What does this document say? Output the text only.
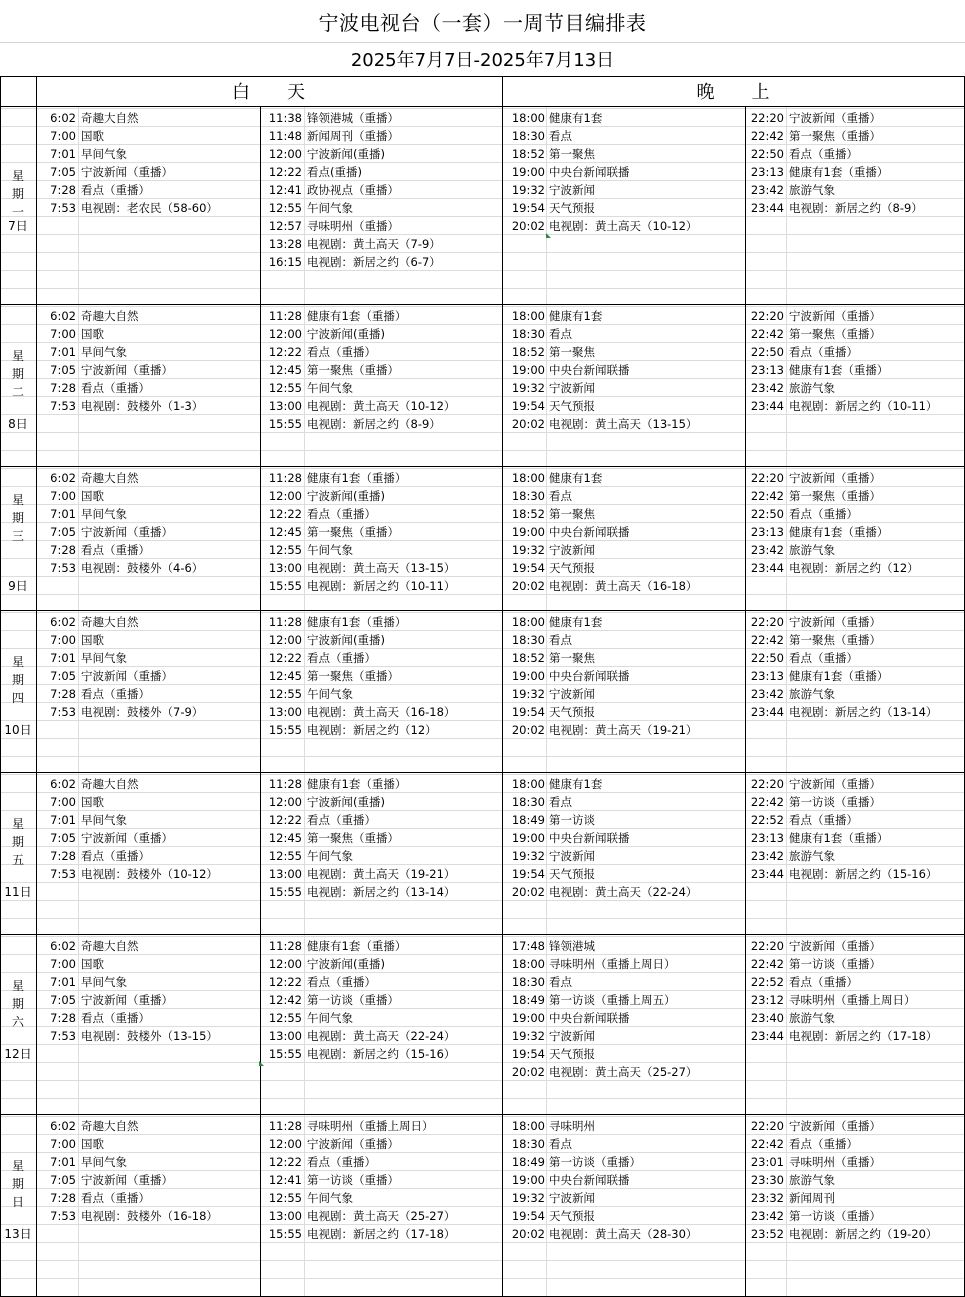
宁波电视台（一套）一周节目编排表
2025年7月7日-2025年7月13日
白 天	晚 上
星
期
一
7日
6:02 奇趣大自然
7:00 国歌
7:01 早间气象
7:05 宁波新闻（重播）
7:28 看点（重播）
7:53 电视剧：老农民（58-60）
11:38 锋领港城（重播）
11:48 新闻周刊（重播）
12:00 宁波新闻(重播)
12:22 看点(重播)
12:41 政协视点（重播）
12:55 午间气象
12:57 寻味明州（重播）
13:28 电视剧：黄土高天（7-9）
16:15 电视剧：新居之约（6-7）
18:00 健康有1套
18:30 看点
18:52 第一聚焦
19:00 中央台新闻联播
19:32 宁波新闻
19:54 天气预报
20:02 电视剧：黄土高天（10-12）
22:20 宁波新闻（重播）
22:42 第一聚焦（重播）
22:50 看点（重播）
23:13 健康有1套（重播）
23:42 旅游气象
23:44 电视剧：新居之约（8-9）
星
期
二
8日
6:02 奇趣大自然
7:00 国歌
7:01 早间气象
7:05 宁波新闻（重播）
7:28 看点（重播）
7:53 电视剧：鼓楼外（1-3）
11:28 健康有1套（重播）
12:00 宁波新闻(重播)
12:22 看点（重播）
12:45 第一聚焦（重播）
12:55 午间气象
13:00 电视剧：黄土高天（10-12）
15:55 电视剧：新居之约（8-9）
18:00 健康有1套
18:30 看点
18:52 第一聚焦
19:00 中央台新闻联播
19:32 宁波新闻
19:54 天气预报
20:02 电视剧：黄土高天（13-15）
22:20 宁波新闻（重播）
22:42 第一聚焦（重播）
22:50 看点（重播）
23:13 健康有1套（重播）
23:42 旅游气象
23:44 电视剧：新居之约（10-11）
星
期
三
9日
6:02 奇趣大自然
7:00 国歌
7:01 早间气象
7:05 宁波新闻（重播）
7:28 看点（重播）
7:53 电视剧：鼓楼外（4-6）
11:28 健康有1套（重播）
12:00 宁波新闻(重播)
12:22 看点（重播）
12:45 第一聚焦（重播）
12:55 午间气象
13:00 电视剧：黄土高天（13-15）
15:55 电视剧：新居之约（10-11）
18:00 健康有1套
18:30 看点
18:52 第一聚焦
19:00 中央台新闻联播
19:32 宁波新闻
19:54 天气预报
20:02 电视剧：黄土高天（16-18）
22:20 宁波新闻（重播）
22:42 第一聚焦（重播）
22:50 看点（重播）
23:13 健康有1套（重播）
23:42 旅游气象
23:44 电视剧：新居之约（12）
星
期
四
10日
6:02 奇趣大自然
7:00 国歌
7:01 早间气象
7:05 宁波新闻（重播）
7:28 看点（重播）
7:53 电视剧：鼓楼外（7-9）
11:28 健康有1套（重播）
12:00 宁波新闻(重播)
12:22 看点（重播）
12:45 第一聚焦（重播）
12:55 午间气象
13:00 电视剧：黄土高天（16-18）
15:55 电视剧：新居之约（12）
18:00 健康有1套
18:30 看点
18:52 第一聚焦
19:00 中央台新闻联播
19:32 宁波新闻
19:54 天气预报
20:02 电视剧：黄土高天（19-21）
22:20 宁波新闻（重播）
22:42 第一聚焦（重播）
22:50 看点（重播）
23:13 健康有1套（重播）
23:42 旅游气象
23:44 电视剧：新居之约（13-14）
星
期
五
11日
6:02 奇趣大自然
7:00 国歌
7:01 早间气象
7:05 宁波新闻（重播）
7:28 看点（重播）
7:53 电视剧：鼓楼外（10-12）
11:28 健康有1套（重播）
12:00 宁波新闻(重播)
12:22 看点（重播）
12:45 第一聚焦（重播）
12:55 午间气象
13:00 电视剧：黄土高天（19-21）
15:55 电视剧：新居之约（13-14）
18:00 健康有1套
18:30 看点
18:49 第一访谈
19:00 中央台新闻联播
19:32 宁波新闻
19:54 天气预报
20:02 电视剧：黄土高天（22-24）
22:20 宁波新闻（重播）
22:42 第一访谈（重播）
22:52 看点（重播）
23:13 健康有1套（重播）
23:42 旅游气象
23:44 电视剧：新居之约（15-16）
星
期
六
12日
6:02 奇趣大自然
7:00 国歌
7:01 早间气象
7:05 宁波新闻（重播）
7:28 看点（重播）
7:53 电视剧：鼓楼外（13-15）
11:28 健康有1套（重播）
12:00 宁波新闻(重播)
12:22 看点（重播）
12:42 第一访谈（重播）
12:55 午间气象
13:00 电视剧：黄土高天（22-24）
15:55 电视剧：新居之约（15-16）
17:48 锋领港城
18:00 寻味明州（重播上周日）
18:30 看点
18:49 第一访谈（重播上周五）
19:00 中央台新闻联播
19:32 宁波新闻
19:54 天气预报
20:02 电视剧：黄土高天（25-27）
22:20 宁波新闻（重播）
22:42 第一访谈（重播）
22:52 看点（重播）
23:12 寻味明州（重播上周日）
23:40 旅游气象
23:44 电视剧：新居之约（17-18）
星
期
日
13日
6:02 奇趣大自然
7:00 国歌
7:01 早间气象
7:05 宁波新闻（重播）
7:28 看点（重播）
7:53 电视剧：鼓楼外（16-18）
11:28 寻味明州（重播上周日）
12:00 宁波新闻（重播）
12:22 看点（重播）
12:41 第一访谈（重播）
12:55 午间气象
13:00 电视剧：黄土高天（25-27）
15:55 电视剧：新居之约（17-18）
18:00 寻味明州
18:30 看点
18:49 第一访谈（重播）
19:00 中央台新闻联播
19:32 宁波新闻
19:54 天气预报
20:02 电视剧：黄土高天（28-30）
22:20 宁波新闻（重播）
22:42 看点（重播）
23:01 寻味明州（重播）
23:30 旅游气象
23:32 新闻周刊
23:42 第一访谈（重播）
23:52 电视剧：新居之约（19-20）
